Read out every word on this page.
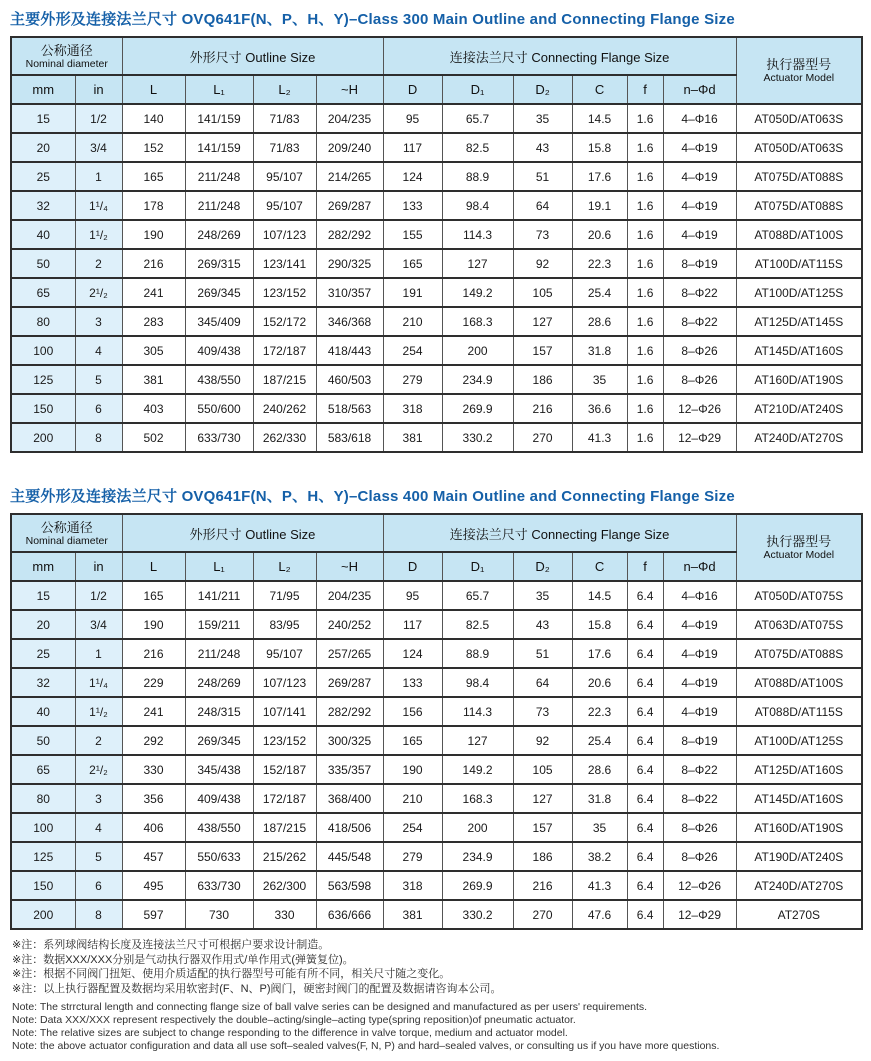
主要外形及连接法兰尺寸 OVQ641F(N、P、H、Y)–Class 300 Main Outline and Connecting Flange Size
公称通径
Nominal diameter	外形尺寸 Outline Size	连接法兰尺寸 Connecting Flange Size	执行器型号
Actuator Model

mm	in	L	L₁	L₂	~H	D	D₁	D₂	C	f	n–Φd	
15	1/2	140	141/159	71/83	204/235	95	65.7	35	14.5	1.6	4–Φ16	AT050D/AT063S
20	3/4	152	141/159	71/83	209/240	117	82.5	43	15.8	1.6	4–Φ19	AT050D/AT063S
25	1	165	211/248	95/107	214/265	124	88.9	51	17.6	1.6	4–Φ19	AT075D/AT088S
32	1¹/₄	178	211/248	95/107	269/287	133	98.4	64	19.1	1.6	4–Φ19	AT075D/AT088S
40	1¹/₂	190	248/269	107/123	282/292	155	114.3	73	20.6	1.6	4–Φ19	AT088D/AT100S
50	2	216	269/315	123/141	290/325	165	127	92	22.3	1.6	8–Φ19	AT100D/AT115S
65	2¹/₂	241	269/345	123/152	310/357	191	149.2	105	25.4	1.6	8–Φ22	AT100D/AT125S
80	3	283	345/409	152/172	346/368	210	168.3	127	28.6	1.6	8–Φ22	AT125D/AT145S
100	4	305	409/438	172/187	418/443	254	200	157	31.8	1.6	8–Φ26	AT145D/AT160S
125	5	381	438/550	187/215	460/503	279	234.9	186	35	1.6	8–Φ26	AT160D/AT190S
150	6	403	550/600	240/262	518/563	318	269.9	216	36.6	1.6	12–Φ26	AT210D/AT240S
200	8	502	633/730	262/330	583/618	381	330.2	270	41.3	1.6	12–Φ29	AT240D/AT270S
主要外形及连接法兰尺寸 OVQ641F(N、P、H、Y)–Class 400 Main Outline and Connecting Flange Size
公称通径
Nominal diameter	外形尺寸 Outline Size	连接法兰尺寸 Connecting Flange Size	执行器型号
Actuator Model

mm	in	L	L₁	L₂	~H	D	D₁	D₂	C	f	n–Φd	
15	1/2	165	141/211	71/95	204/235	95	65.7	35	14.5	6.4	4–Φ16	AT050D/AT075S
20	3/4	190	159/211	83/95	240/252	117	82.5	43	15.8	6.4	4–Φ19	AT063D/AT075S
25	1	216	211/248	95/107	257/265	124	88.9	51	17.6	6.4	4–Φ19	AT075D/AT088S
32	1¹/₄	229	248/269	107/123	269/287	133	98.4	64	20.6	6.4	4–Φ19	AT088D/AT100S
40	1¹/₂	241	248/315	107/141	282/292	156	114.3	73	22.3	6.4	4–Φ19	AT088D/AT115S
50	2	292	269/345	123/152	300/325	165	127	92	25.4	6.4	8–Φ19	AT100D/AT125S
65	2¹/₂	330	345/438	152/187	335/357	190	149.2	105	28.6	6.4	8–Φ22	AT125D/AT160S
80	3	356	409/438	172/187	368/400	210	168.3	127	31.8	6.4	8–Φ22	AT145D/AT160S
100	4	406	438/550	187/215	418/506	254	200	157	35	6.4	8–Φ26	AT160D/AT190S
125	5	457	550/633	215/262	445/548	279	234.9	186	38.2	6.4	8–Φ26	AT190D/AT240S
150	6	495	633/730	262/300	563/598	318	269.9	216	41.3	6.4	12–Φ26	AT240D/AT270S
200	8	597	730	330	636/666	381	330.2	270	47.6	6.4	12–Φ29	AT270S
※注：系列球阀结构长度及连接法兰尺寸可根据户要求设计制造。
※注：数据XXX/XXX分别是气动执行器双作用式/单作用式(弹簧复位)。
※注：根据不同阀门扭矩、使用介质适配的执行器型号可能有所不同，相关尺寸随之变化。
※注：以上执行器配置及数据均采用软密封(F、N、P)阀门，硬密封阀门的配置及数据请咨询本公司。
Note: The strrctural length and connecting flange size of ball valve series can be designed and manufactured as per users' requirements.
Note: Data XXX/XXX represent respectively the double–acting/single–acting type(spring reposition)of pneumatic actuator.
Note: The relative sizes are subject to change responding to the difference in valve torque, medium and actuator model.
Note: the above actuator configuration and data all use soft–sealed valves(F, N, P) and hard–sealed valves, or consulting us if you have more questions.
